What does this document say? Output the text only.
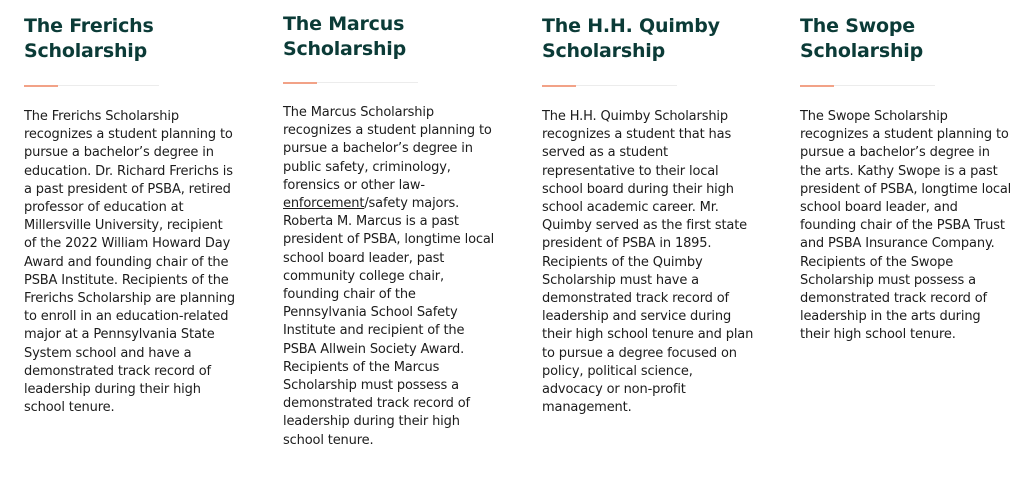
The Frerichs
Scholarship

The Frerichs Scholarship recognizes a student planning to pursue a bachelor’s degree in education. Dr. Richard Frerichs is a past president of PSBA, retired professor of education at Millersville University, recipient of the 2022 William Howard Day Award and founding chair of the PSBA Institute. Recipients of the Frerichs Scholarship are planning to enroll in an education-related major at a Pennsylvania State System school and have a demonstrated track record of leadership during their high school tenure.

The Marcus
Scholarship

The Marcus Scholarship recognizes a student planning to pursue a bachelor’s degree in public safety, criminology, forensics or other law-enforcement/safety majors. Roberta M. Marcus is a past president of PSBA, longtime local school board leader, past community college chair, founding chair of the Pennsylvania School Safety Institute and recipient of the PSBA Allwein Society Award. Recipients of the Marcus Scholarship must possess a demonstrated track record of leadership during their high school tenure.

The H.H. Quimby
Scholarship

The H.H. Quimby Scholarship recognizes a student that has served as a student representative to their local school board during their high school academic career. Mr. Quimby served as the first state president of PSBA in 1895. Recipients of the Quimby Scholarship must have a demonstrated track record of leadership and service during their high school tenure and plan to pursue a degree focused on policy, political science, advocacy or non-profit management.

The Swope
Scholarship

The Swope Scholarship recognizes a student planning to pursue a bachelor’s degree in the arts. Kathy Swope is a past president of PSBA, longtime local school board leader, and founding chair of the PSBA Trust and PSBA Insurance Company. Recipients of the Swope Scholarship must possess a demonstrated track record of leadership in the arts during their high school tenure.
